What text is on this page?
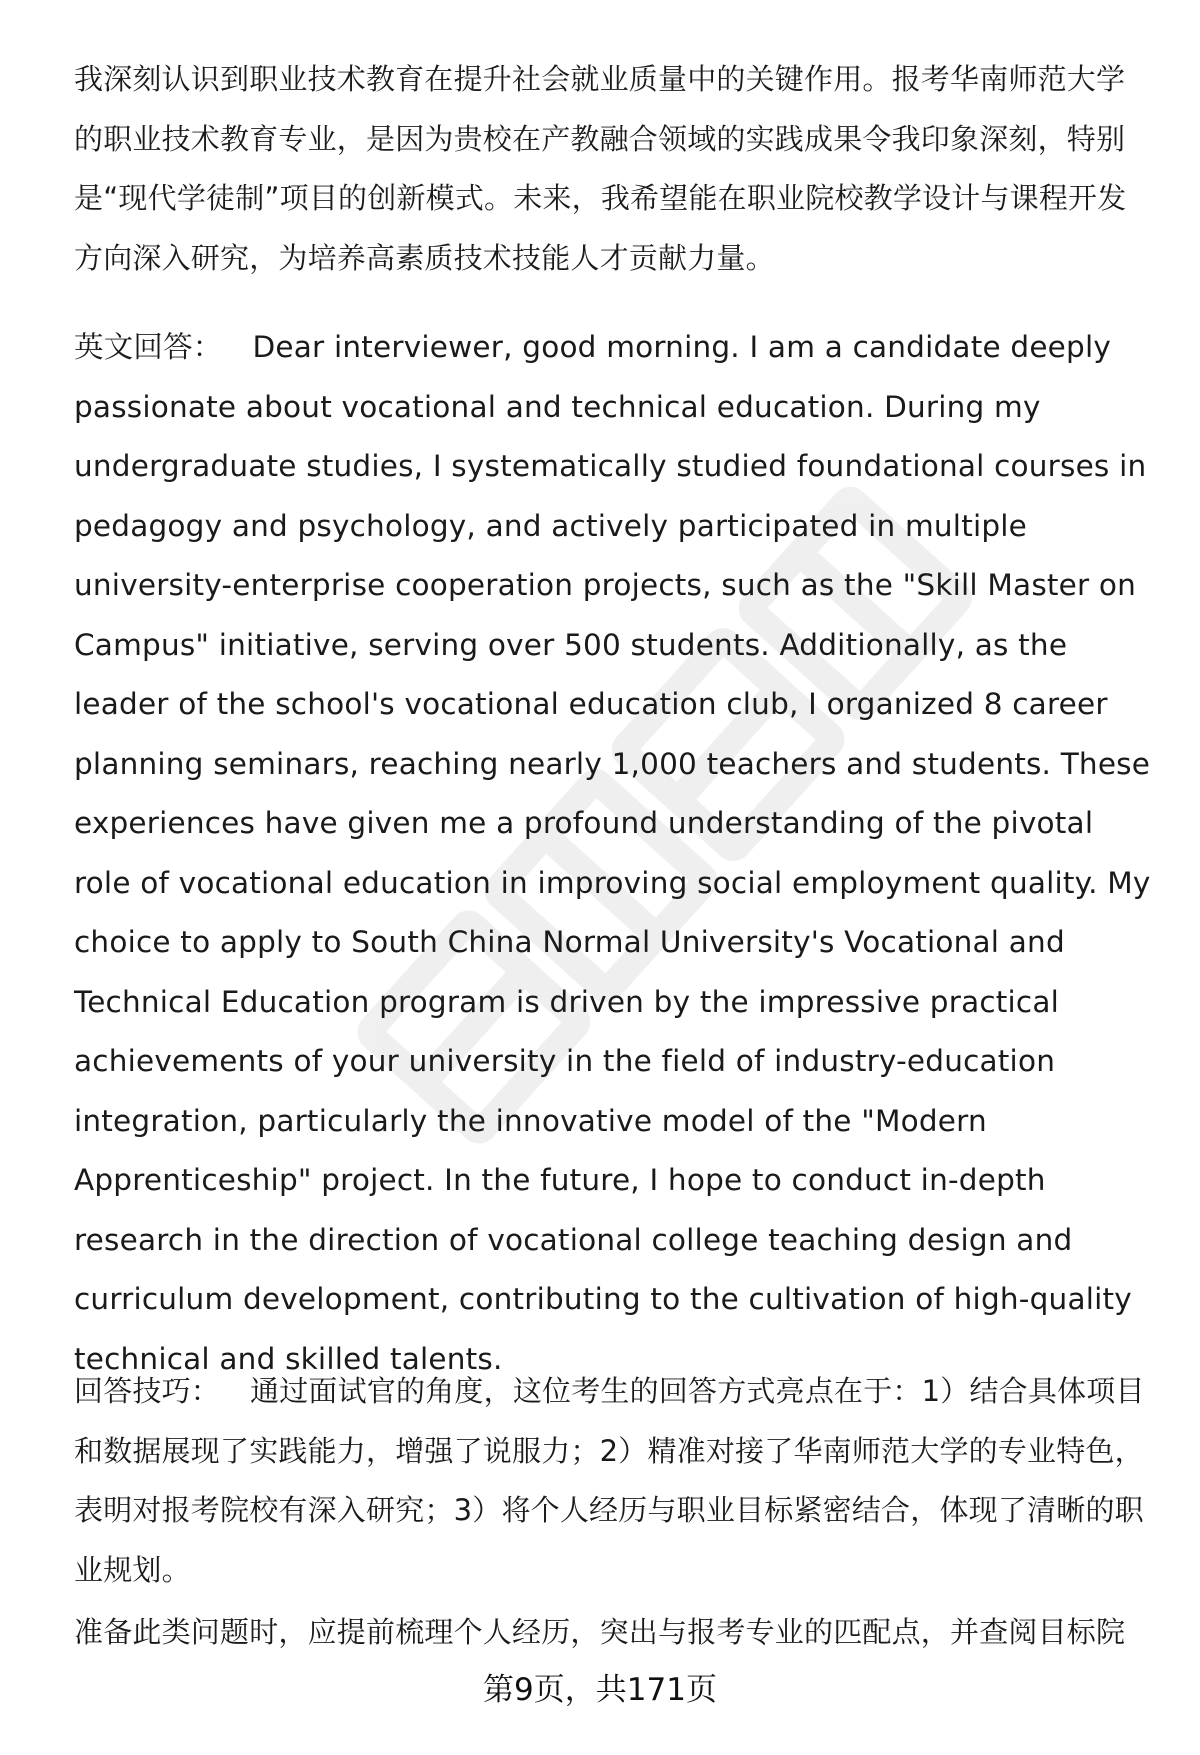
我深刻认识到职业技术教育在提升社会就业质量中的关键作用。报考华南师范大学的职业技术教育专业，是因为贵校在产教融合领域的实践成果令我印象深刻，特别是“现代学徒制”项目的创新模式。未来，我希望能在职业院校教学设计与课程开发方向深入研究，为培养高素质技术技能人才贡献力量。

英文回答： Dear interviewer, good morning. I am a candidate deeply passionate about vocational and technical education. During my undergraduate studies, I systematically studied foundational courses in pedagogy and psychology, and actively participated in multiple university-enterprise cooperation projects, such as the "Skill Master on Campus" initiative, serving over 500 students. Additionally, as the leader of the school's vocational education club, I organized 8 career planning seminars, reaching nearly 1,000 teachers and students. These experiences have given me a profound understanding of the pivotal role of vocational education in improving social employment quality. My choice to apply to South China Normal University's Vocational and Technical Education program is driven by the impressive practical achievements of your university in the field of industry-education integration, particularly the innovative model of the "Modern Apprenticeship" project. In the future, I hope to conduct in-depth research in the direction of vocational college teaching design and curriculum development, contributing to the cultivation of high-quality technical and skilled talents.

回答技巧： 通过面试官的角度，这位考生的回答方式亮点在于：1）结合具体项目和数据展现了实践能力，增强了说服力；2）精准对接了华南师范大学的专业特色，表明对报考院校有深入研究；3）将个人经历与职业目标紧密结合，体现了清晰的职业规划。

准备此类问题时，应提前梳理个人经历，突出与报考专业的匹配点，并查阅目标院

第9页，共171页
